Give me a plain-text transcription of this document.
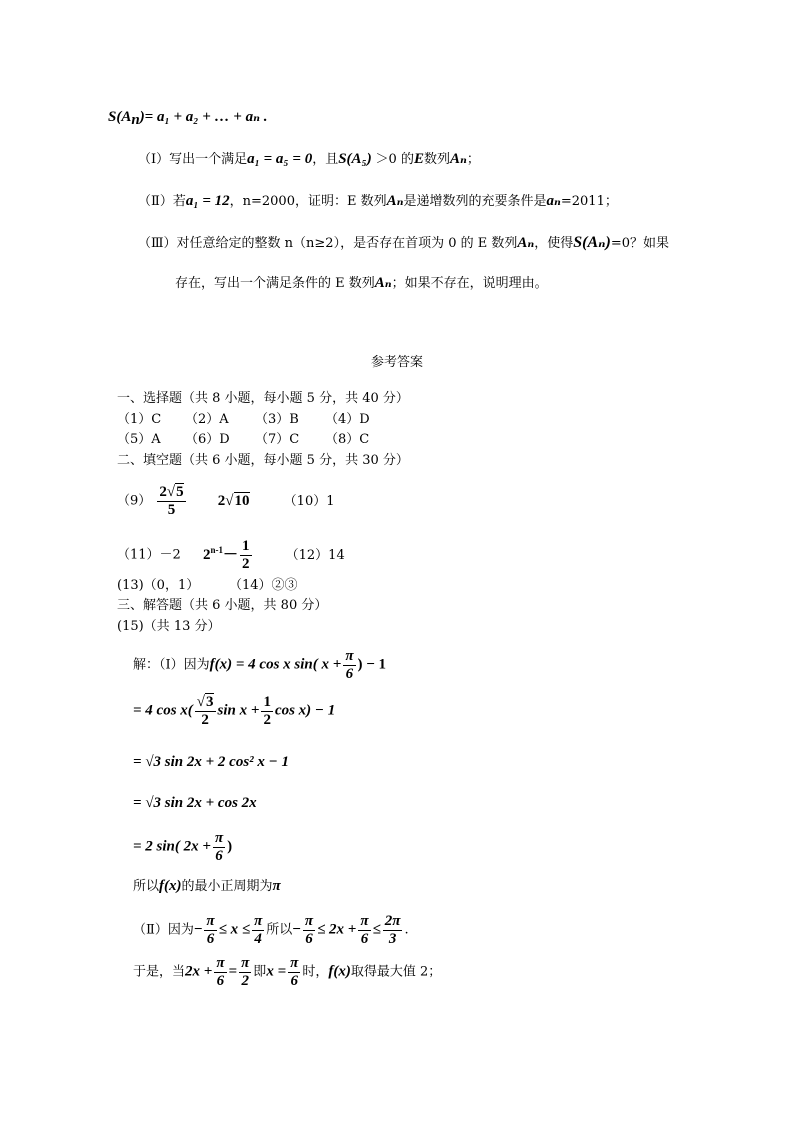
$S(A_n)= a_1 + a_2$ + … + aₙ .
（Ⅰ）写出一个满足a₁ = a₅ = 0，且S(A₅) ＞0 的E数列Aₙ；
（Ⅱ）若a₁ = 12，n=2000，证明：E 数列Aₙ是递增数列的充要条件是aₙ=2011；
（Ⅲ）对任意给定的整数 n（n≥2），是否存在首项为 0 的 E 数列Aₙ，使得S(Aₙ)=0？如果
存在，写出一个满足条件的 E 数列Aₙ；如果不存在，说明理由。
参考答案
一、选择题（共 8 小题，每小题 5 分，共 40 分）
（1）C （2）A （3）B （4）D
（5）A （6）D （7）C （8）C
二、填空题（共 6 小题，每小题 5 分，共 30 分）
$(9) \frac{2√5}{5} 2√10$	（10）1
（11）－2 $2^{n-1}- \frac{1}{2}$	（12）14
(13)（0，1） （14）②③
三、解答题（共 6 小题，共 80 分）
(15)（共 13 分）
解：（Ⅰ）因为f(x) = 4 cos x sin( $x + \frac{\pi}{6}$ ) − 1
= 4 $\cos x( \frac{√3}{2}$ $\sin x + \frac{1}{2}$ cos x) − 1
= √3 sin 2x + 2 cos² x − 1
= √3 sin 2x + cos 2x
= 2 sin( $2x + \frac{\pi}{6}$ )
所以f(x)的最小正周期为π
（Ⅱ）因为− $\frac{\pi}{6} \le x \le \frac{\pi}{4}$ 所以− $\frac{\pi}{6} \le 2x + \frac{\pi}{6} \le \frac{2\pi}{3}$ .
于是，当$2x + \frac{\pi}{6} = \frac{\pi}{2}$ 即$x = \frac{\pi}{6}$ 时，f(x)取得最大值 2；
